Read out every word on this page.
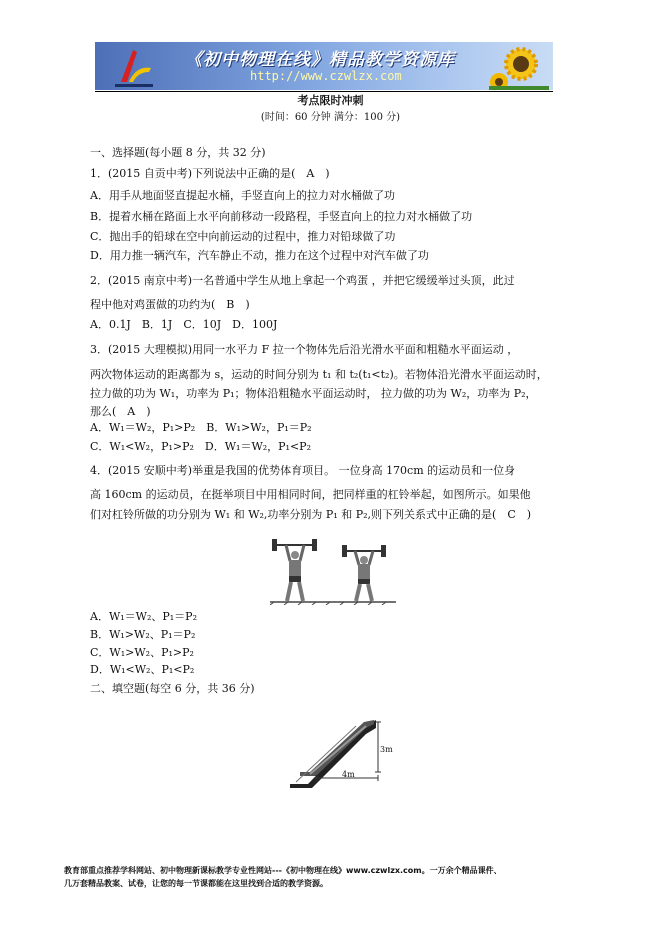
《初中物理在线》精品教学资源库
http://www.czwlzx.com
考点限时冲刺
(时间：60 分钟 满分：100 分)
一、选择题(每小题 8 分，共 32 分)
1．(2015 自贡中考)下列说法中正确的是(　A　)
A．用手从地面竖直提起水桶，手竖直向上的拉力对水桶做了功
B．提着水桶在路面上水平向前移动一段路程，手竖直向上的拉力对水桶做了功
C．抛出手的铅球在空中向前运动的过程中，推力对铅球做了功
D．用力推一辆汽车，汽车静止不动，推力在这个过程中对汽车做了功
2．(2015 南京中考)一名普通中学生从地上拿起一个鸡蛋 ，并把它缓缓举过头顶，此过
程中他对鸡蛋做的功约为(　B　)
A．0.1J　B．1J　C．10J　D．100J
3．(2015 大理模拟)用同一水平力 F 拉一个物体先后沿光滑水平面和粗糙水平面运动 ，
两次物体运动的距离都为 s，运动的时间分别为 t₁ 和 t₂(t₁<t₂)。若物体沿光滑水平面运动时，
拉力做的功为 W₁，功率为 P₁；物体沿粗糙水平面运动时， 拉力做的功为 W₂，功率为 P₂，
那么(　A　)
A．W₁＝W₂，P₁>P₂　B．W₁>W₂，P₁＝P₂
C．W₁<W₂，P₁>P₂　D．W₁＝W₂，P₁<P₂
4．(2015 安顺中考)举重是我国的优势体育项目。 一位身高 170cm 的运动员和一位身
高 160cm 的运动员，在挺举项目中用相同时间，把同样重的杠铃举起，如图所示。如果他
们对杠铃所做的功分别为 W₁ 和 W₂,功率分别为 P₁ 和 P₂,则下列关系式中正确的是(　C　)
A．W₁＝W₂、P₁＝P₂
B．W₁>W₂、P₁＝P₂
C．W₁>W₂、P₁>P₂
D．W₁<W₂、P₁<P₂
二、填空题(每空 6 分，共 36 分)
3m
4m
教育部重点推荐学科网站、初中物理新课标教学专业性网站---《初中物理在线》www.czwlzx.com。一万余个精品课件、
几万套精品教案、试卷，让您的每一节课都能在这里找到合适的教学资源。
